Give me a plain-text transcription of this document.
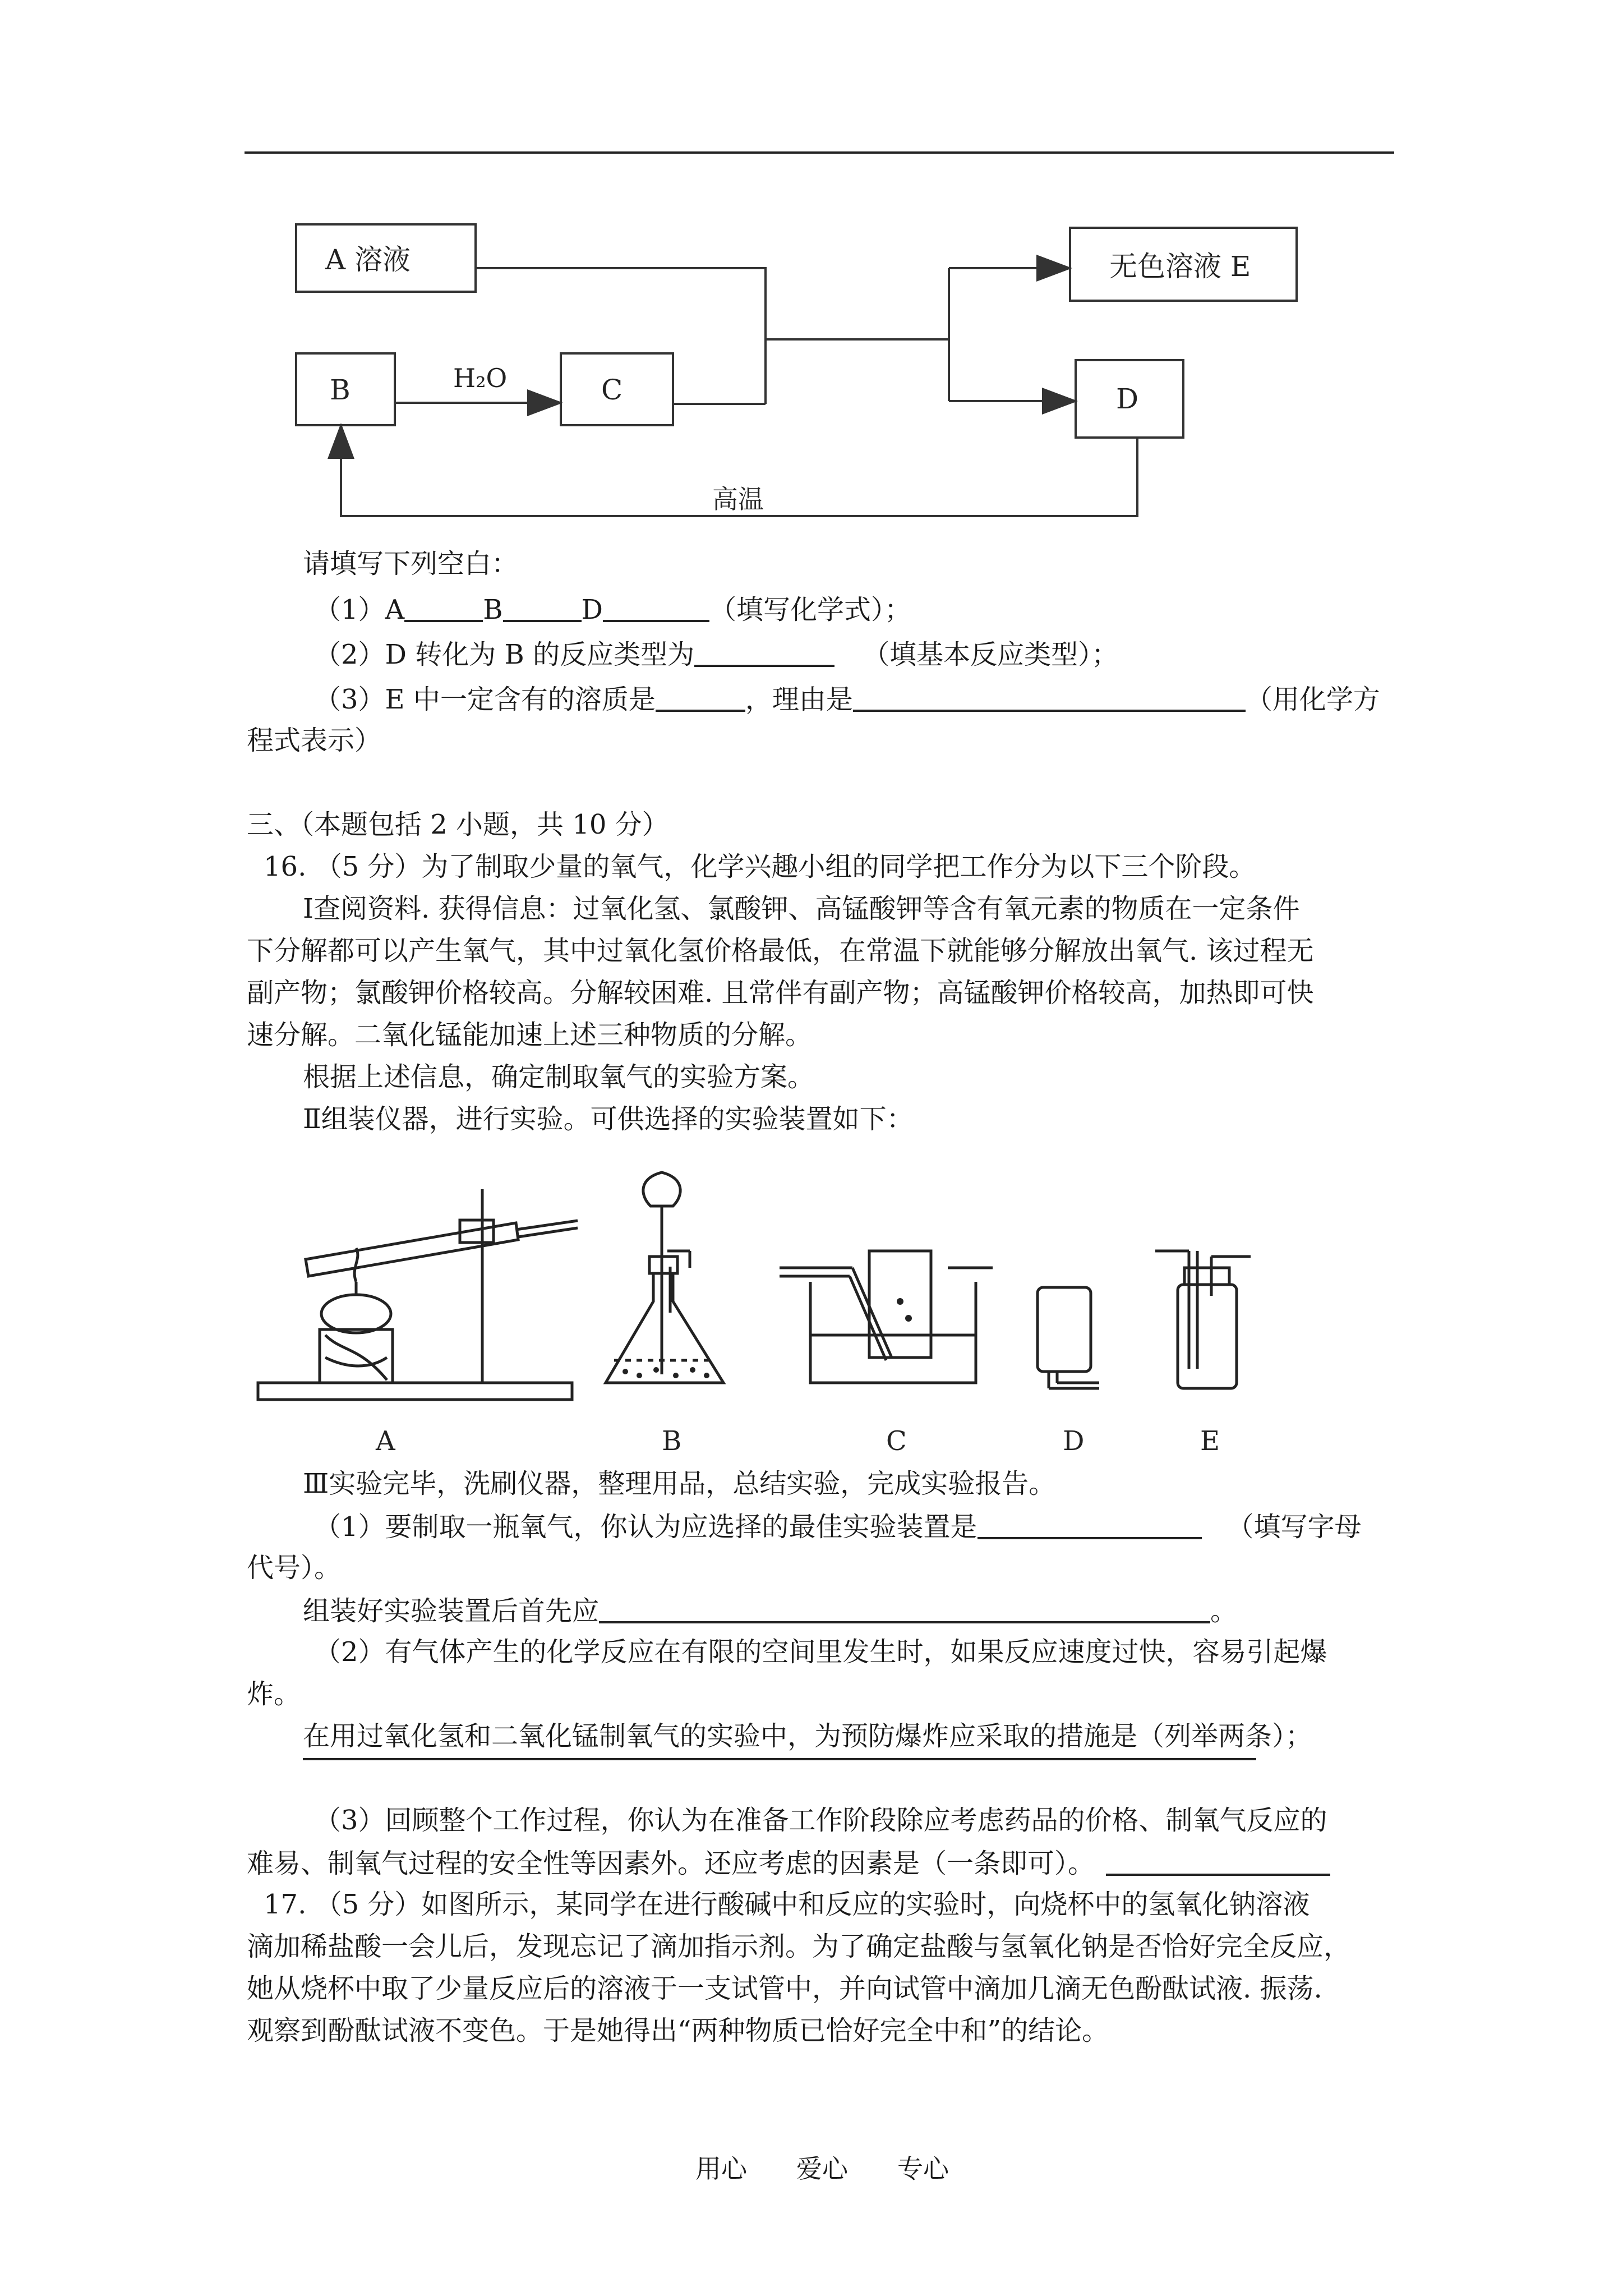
A 溶液	无色溶液 E
B	C	D
H₂O
高温
请填写下列空白：
（1）A	B	D	（填写化学式）；
（2）D 转化为 B 的反应类型为	（填基本反应类型）；
（3）E 中一定含有的溶质是	，理由是	（用化学方
程式表示）
三、（本题包括 2 小题，共 10 分）
16. （5 分）为了制取少量的氧气，化学兴趣小组的同学把工作分为以下三个阶段。
Ⅰ查阅资料. 获得信息：过氧化氢、氯酸钾、高锰酸钾等含有氧元素的物质在一定条件
下分解都可以产生氧气，其中过氧化氢价格最低，在常温下就能够分解放出氧气. 该过程无
副产物；氯酸钾价格较高。分解较困难. 且常伴有副产物；高锰酸钾价格较高，加热即可快
速分解。二氧化锰能加速上述三种物质的分解。
根据上述信息，确定制取氧气的实验方案。
Ⅱ组装仪器，进行实验。可供选择的实验装置如下：
A	B	C	D	E
Ⅲ实验完毕，洗刷仪器，整理用品，总结实验，完成实验报告。
（1）要制取一瓶氧气，你认为应选择的最佳实验装置是	（填写字母
代号）。
组装好实验装置后首先应	。
（2）有气体产生的化学反应在有限的空间里发生时，如果反应速度过快，容易引起爆
炸。
在用过氧化氢和二氧化锰制氧气的实验中，为预防爆炸应采取的措施是（列举两条）；
（3）回顾整个工作过程，你认为在准备工作阶段除应考虑药品的价格、制氧气反应的
难易、制氧气过程的安全性等因素外。还应考虑的因素是（一条即可）。
17. （5 分）如图所示，某同学在进行酸碱中和反应的实验时，向烧杯中的氢氧化钠溶液
滴加稀盐酸一会儿后，发现忘记了滴加指示剂。为了确定盐酸与氢氧化钠是否恰好完全反应，
她从烧杯中取了少量反应后的溶液于一支试管中，并向试管中滴加几滴无色酚酞试液. 振荡.
观察到酚酞试液不变色。于是她得出“两种物质已恰好完全中和”的结论。
用心 爱心 专心
